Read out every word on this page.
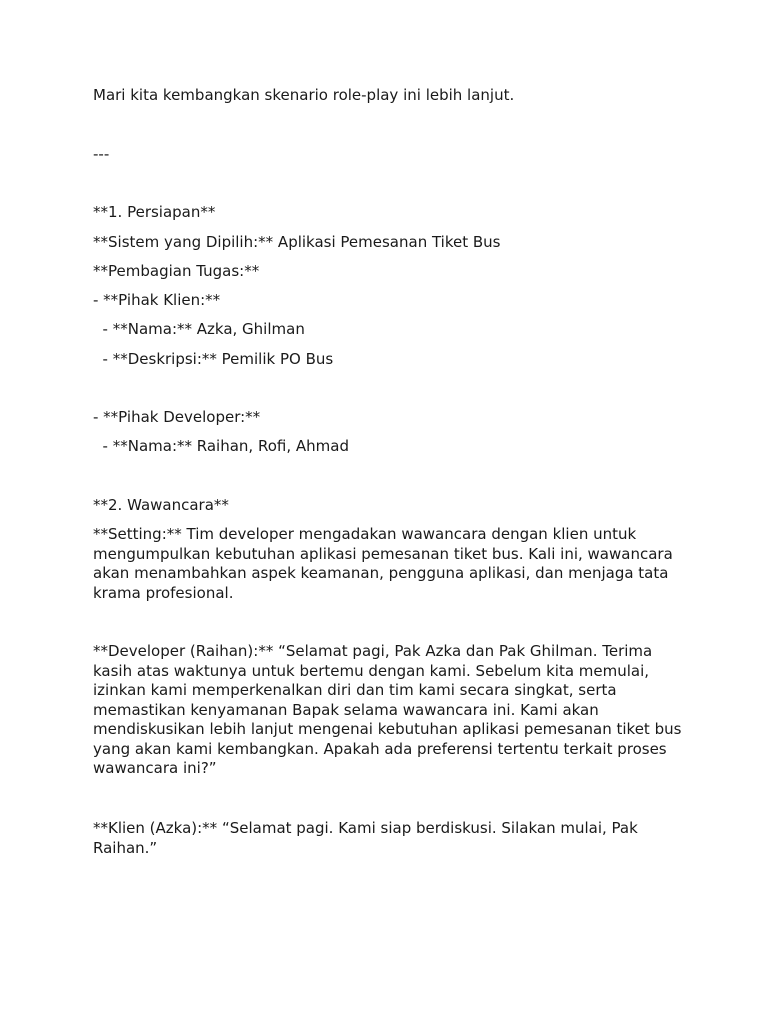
Mari kita kembangkan skenario role-play ini lebih lanjut.

---

**1. Persiapan**

**Sistem yang Dipilih:** Aplikasi Pemesanan Tiket Bus

**Pembagian Tugas:**

- **Pihak Klien:**

- **Nama:** Azka, Ghilman

- **Deskripsi:** Pemilik PO Bus

- **Pihak Developer:**

- **Nama:** Raihan, Rofi, Ahmad

**2. Wawancara**

**Setting:** Tim developer mengadakan wawancara dengan klien untuk mengumpulkan kebutuhan aplikasi pemesanan tiket bus. Kali ini, wawancara akan menambahkan aspek keamanan, pengguna aplikasi, dan menjaga tata krama profesional.

**Developer (Raihan):** “Selamat pagi, Pak Azka dan Pak Ghilman. Terima kasih atas waktunya untuk bertemu dengan kami. Sebelum kita memulai, izinkan kami memperkenalkan diri dan tim kami secara singkat, serta memastikan kenyamanan Bapak selama wawancara ini. Kami akan mendiskusikan lebih lanjut mengenai kebutuhan aplikasi pemesanan tiket bus yang akan kami kembangkan. Apakah ada preferensi tertentu terkait proses wawancara ini?”

**Klien (Azka):** “Selamat pagi. Kami siap berdiskusi. Silakan mulai, Pak Raihan.”
